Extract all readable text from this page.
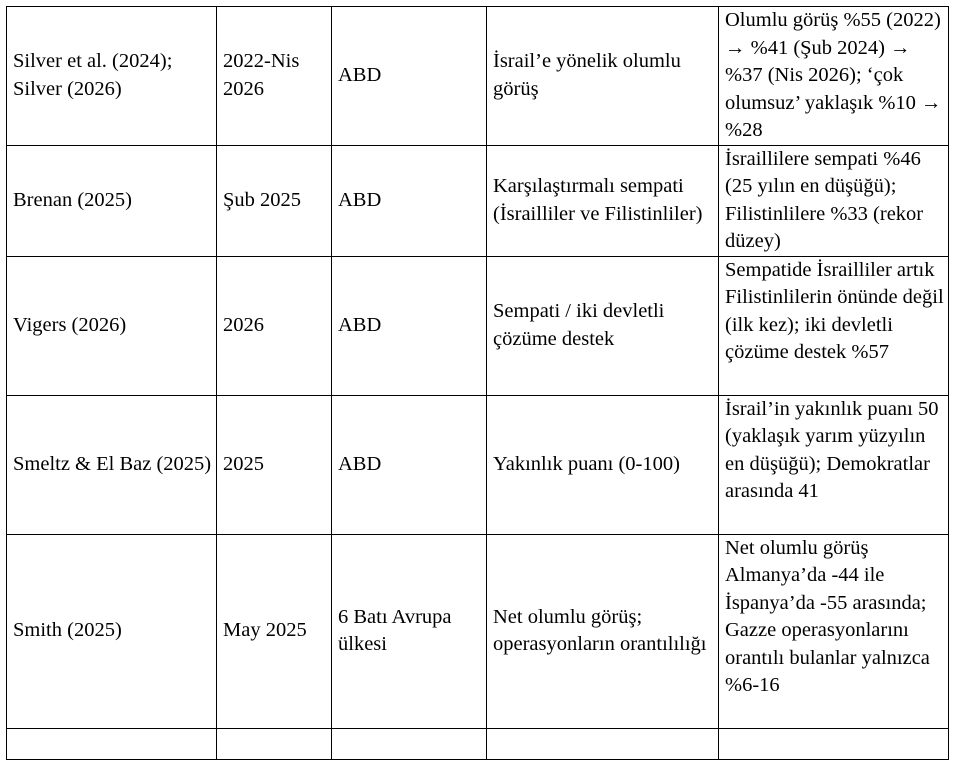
Silver et al. (2024); Silver (2026)	2022-Nis 2026	ABD	İsrail’e yönelik olumlu görüş	Olumlu görüş %55 (2022) → %41 (Şub 2024) → %37 (Nis 2026); ‘çok olumsuz’ yaklaşık %10 → %28
Brenan (2025)	Şub 2025	ABD	Karşılaştırmalı sempati (İsrailliler ve Filistinliler)	İsraillilere sempati %46 (25 yılın en düşüğü); Filistinlilere %33 (rekor düzey)
Vigers (2026)	2026	ABD	Sempati / iki devletli çözüme destek	Sempatide İsrailliler artık Filistinlilerin önünde değil (ilk kez); iki devletli çözüme destek %57
Smeltz & El Baz (2025)	2025	ABD	Yakınlık puanı (0-100)	İsrail’in yakınlık puanı 50 (yaklaşık yarım yüzyılın en düşüğü); Demokratlar arasında 41
Smith (2025)	May 2025	6 Batı Avrupa ülkesi	Net olumlu görüş; operasyonların orantılılığı	Net olumlu görüş Almanya’da -44 ile İspanya’da -55 arasında; Gazze operasyonlarını orantılı bulanlar yalnızca %6-16
